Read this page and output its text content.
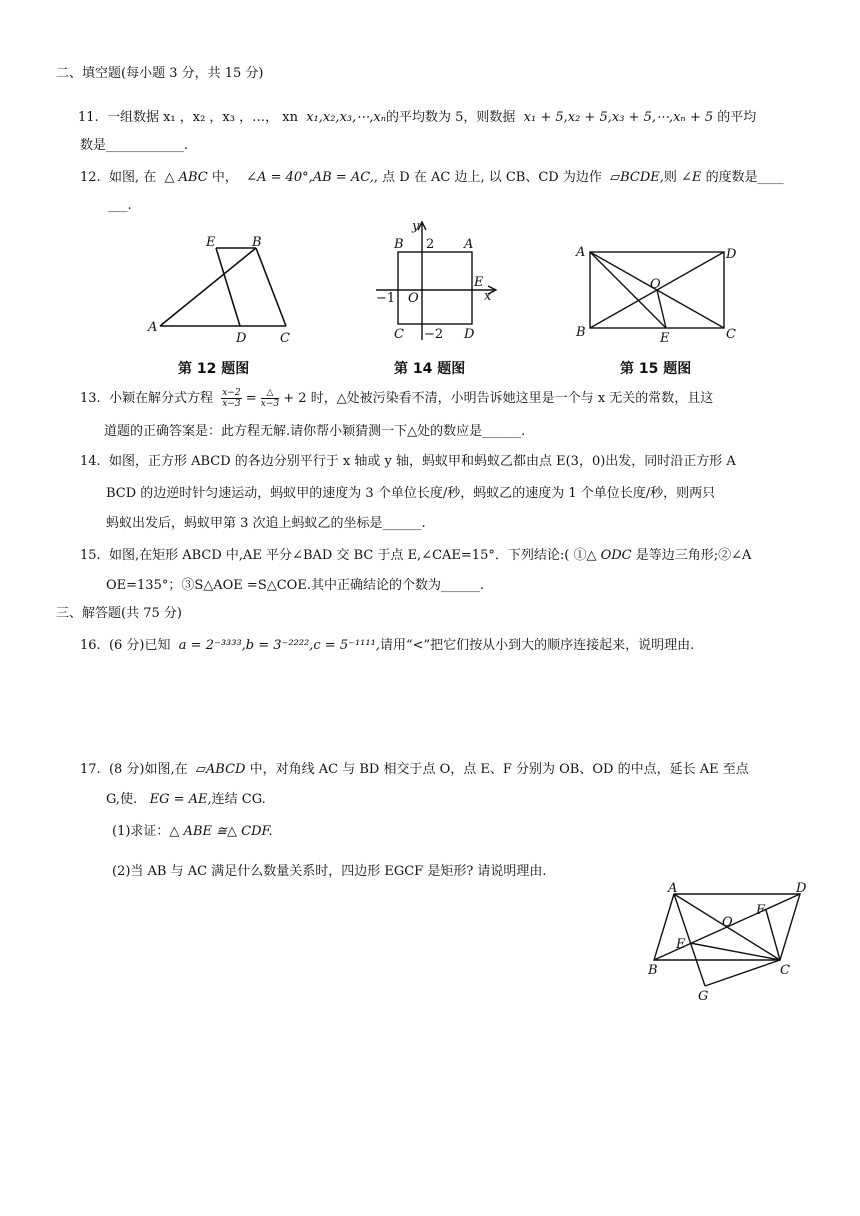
二、填空题(每小题 3 分，共 15 分)
11. 一组数据 x₁ ，x₂ ，x₃ ，…， xn x₁,x₂,x₃,⋯,xₙ的平均数为 5，则数据 x₁ + 5,x₂ + 5,x₃ + 5,⋯,xₙ + 5 的平均
数是____________.
12. 如图, 在 △ ABC 中， ∠A = 40°,AB = AC,, 点 D 在 AC 边上, 以 CB、CD 为边作 ▱BCDE,则 ∠E 的度数是____
___.
E	B
A
D	C
第 12 题图
y
B 2 A
E
x
−1 O
C −2 D
第 14 题图
A	D
O
B	E	C
第 15 题图
13. 小颖在解分式方程 $\frac{x-2}{x-3} = \frac{\triangle}{x-3} + 2$ 时，△处被污染看不清，小明告诉她这里是一个与 x 无关的常数，且这
道题的正确答案是：此方程无解.请你帮小颖猜测一下△处的数应是______.
14. 如图，正方形 ABCD 的各边分别平行于 x 轴或 y 轴，蚂蚁甲和蚂蚁乙都由点 E(3，0)出发，同时沿正方形 A
BCD 的边逆时针匀速运动，蚂蚁甲的速度为 3 个单位长度/秒，蚂蚁乙的速度为 1 个单位长度/秒，则两只
蚂蚁出发后，蚂蚁甲第 3 次追上蚂蚁乙的坐标是______.
15. 如图,在矩形 ABCD 中,AE 平分∠BAD 交 BC 于点 E,∠CAE=15°．下列结论:( ①△ ODC 是等边三角形;②∠A
OE=135°；③S△AOE =S△COE.其中正确结论的个数为______.
三、解答题(共 75 分)
16. (6 分)已知 a = 2⁻³³³³,b = 3⁻²²²²,c = 5⁻¹¹¹¹,请用“<”把它们按从小到大的顺序连接起来，说明理由.
17. (8 分)如图,在 ▱ABCD 中，对角线 AC 与 BD 相交于点 O，点 E、F 分别为 OB、OD 的中点，延长 AE 至点
G,使. EG = AE,连结 CG.
(1)求证：△ ABE ≅△ CDF.
(2)当 AB 与 AC 满足什么数量关系时，四边形 EGCF 是矩形? 请说明理由.
A	D
O
F
E
B	C
G
